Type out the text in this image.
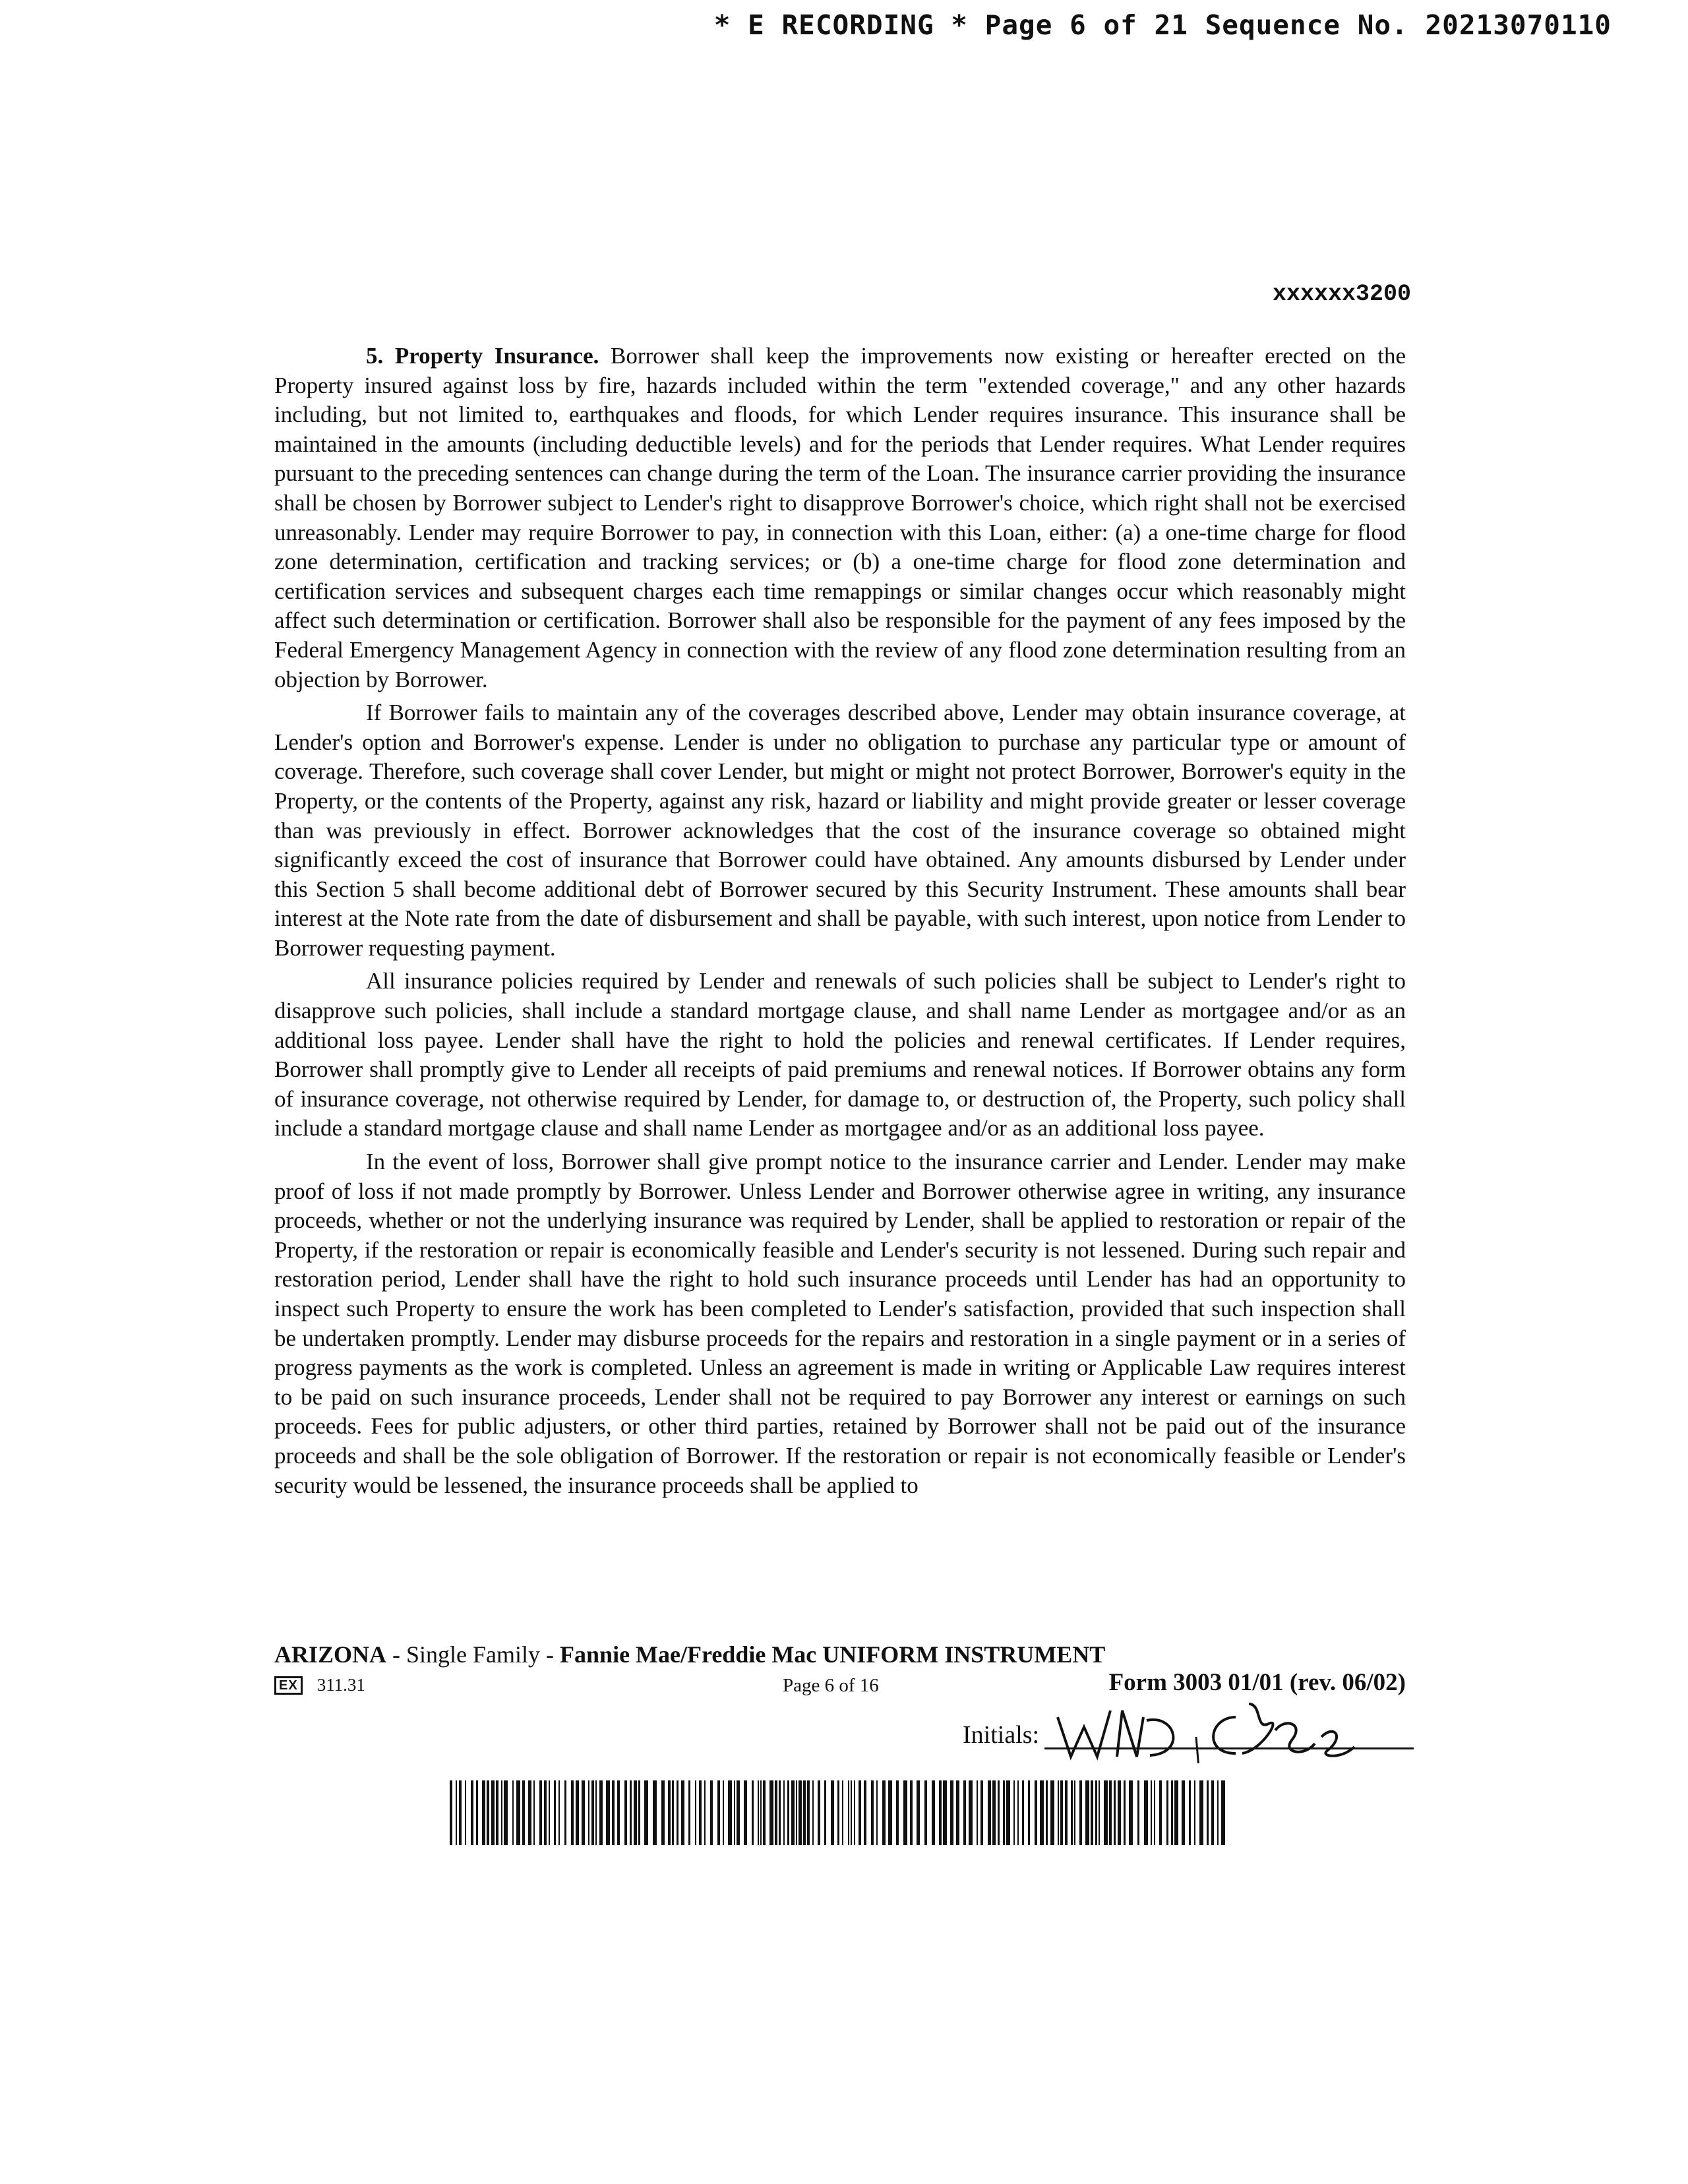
* E RECORDING * Page 6 of 21 Sequence No. 20213070110
xxxxxx3200

5. Property Insurance. Borrower shall keep the improvements now existing or hereafter erected on the Property insured against loss by fire, hazards included within the term "extended coverage," and any other hazards including, but not limited to, earthquakes and floods, for which Lender requires insurance. This insurance shall be maintained in the amounts (including deductible levels) and for the periods that Lender requires. What Lender requires pursuant to the preceding sentences can change during the term of the Loan. The insurance carrier providing the insurance shall be chosen by Borrower subject to Lender's right to disapprove Borrower's choice, which right shall not be exercised unreasonably. Lender may require Borrower to pay, in connection with this Loan, either: (a) a one-time charge for flood zone determination, certification and tracking services; or (b) a one-time charge for flood zone determination and certification services and subsequent charges each time remappings or similar changes occur which reasonably might affect such determination or certification. Borrower shall also be responsible for the payment of any fees imposed by the Federal Emergency Management Agency in connection with the review of any flood zone determination resulting from an objection by Borrower.

If Borrower fails to maintain any of the coverages described above, Lender may obtain insurance coverage, at Lender's option and Borrower's expense. Lender is under no obligation to purchase any particular type or amount of coverage. Therefore, such coverage shall cover Lender, but might or might not protect Borrower, Borrower's equity in the Property, or the contents of the Property, against any risk, hazard or liability and might provide greater or lesser coverage than was previously in effect. Borrower acknowledges that the cost of the insurance coverage so obtained might significantly exceed the cost of insurance that Borrower could have obtained. Any amounts disbursed by Lender under this Section 5 shall become additional debt of Borrower secured by this Security Instrument. These amounts shall bear interest at the Note rate from the date of disbursement and shall be payable, with such interest, upon notice from Lender to Borrower requesting payment.

All insurance policies required by Lender and renewals of such policies shall be subject to Lender's right to disapprove such policies, shall include a standard mortgage clause, and shall name Lender as mortgagee and/or as an additional loss payee. Lender shall have the right to hold the policies and renewal certificates. If Lender requires, Borrower shall promptly give to Lender all receipts of paid premiums and renewal notices. If Borrower obtains any form of insurance coverage, not otherwise required by Lender, for damage to, or destruction of, the Property, such policy shall include a standard mortgage clause and shall name Lender as mortgagee and/or as an additional loss payee.

In the event of loss, Borrower shall give prompt notice to the insurance carrier and Lender. Lender may make proof of loss if not made promptly by Borrower. Unless Lender and Borrower otherwise agree in writing, any insurance proceeds, whether or not the underlying insurance was required by Lender, shall be applied to restoration or repair of the Property, if the restoration or repair is economically feasible and Lender's security is not lessened. During such repair and restoration period, Lender shall have the right to hold such insurance proceeds until Lender has had an opportunity to inspect such Property to ensure the work has been completed to Lender's satisfaction, provided that such inspection shall be undertaken promptly. Lender may disburse proceeds for the repairs and restoration in a single payment or in a series of progress payments as the work is completed. Unless an agreement is made in writing or Applicable Law requires interest to be paid on such insurance proceeds, Lender shall not be required to pay Borrower any interest or earnings on such proceeds. Fees for public adjusters, or other third parties, retained by Borrower shall not be paid out of the insurance proceeds and shall be the sole obligation of Borrower. If the restoration or repair is not economically feasible or Lender's security would be lessened, the insurance proceeds shall be applied to

ARIZONA - Single Family - Fannie Mae/Freddie Mac UNIFORM INSTRUMENT
EX 311.31	Page 6 of 16	Form 3003 01/01 (rev. 06/02)
Initials:
